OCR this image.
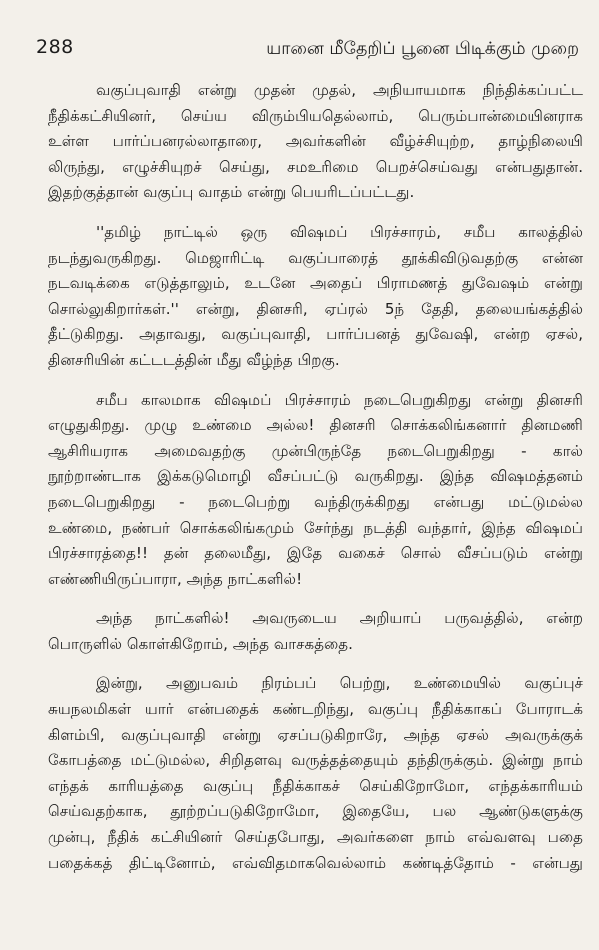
288	யானை மீதேறிப் பூனை பிடிக்கும் முறை
வகுப்புவாதி என்று முதன் முதல், அநியாயமாக நிந்திக்கப்பட்ட
நீதிக்கட்சியினர், செய்ய விரும்பியதெல்லாம், பெரும்பான்மையினராக
உள்ள பார்ப்பனரல்லாதாரை, அவர்களின் வீழ்ச்சியுற்ற, தாழ்நிலையி
லிருந்து, எழுச்சியுறச் செய்து, சமஉரிமை பெறச்செய்வது என்பதுதான்.
இதற்குத்தான் வகுப்பு வாதம் என்று பெயரிடப்பட்டது.
''தமிழ் நாட்டில் ஒரு விஷமப் பிரச்சாரம், சமீப காலத்தில்
நடந்துவருகிறது. மெஜாரிட்டி வகுப்பாரைத் தூக்கிவிடுவதற்கு என்ன
நடவடிக்கை எடுத்தாலும், உடனே அதைப் பிராமணத் துவேஷம் என்று
சொல்லுகிறார்கள்.'' என்று, தினசரி, ஏப்ரல் 5ந் தேதி, தலையங்கத்தில்
தீட்டுகிறது. அதாவது, வகுப்புவாதி, பார்ப்பனத் துவேஷி, என்ற ஏசல்,
தினசரியின் கட்டடத்தின் மீது வீழ்ந்த பிறகு.
சமீப காலமாக விஷமப் பிரச்சாரம் நடைபெறுகிறது என்று தினசரி
எழுதுகிறது. முழு உண்மை அல்ல! தினசரி சொக்கலிங்கனார் தினமணி
ஆசிரியராக அமைவதற்கு முன்பிருந்தே நடைபெறுகிறது - கால்
நூற்றாண்டாக இக்கடுமொழி வீசப்பட்டு வருகிறது. இந்த விஷமத்தனம்
நடைபெறுகிறது - நடைபெற்று வந்திருக்கிறது என்பது மட்டுமல்ல
உண்மை, நண்பர் சொக்கலிங்கமும் சேர்ந்து நடத்தி வந்தார், இந்த விஷமப்
பிரச்சாரத்தை!! தன் தலைமீது, இதே வகைச் சொல் வீசப்படும் என்று
எண்ணியிருப்பாரா, அந்த நாட்களில்!
அந்த நாட்களில்! அவருடைய அறியாப் பருவத்தில், என்ற
பொருளில் கொள்கிறோம், அந்த வாசகத்தை.
இன்று, அனுபவம் நிரம்பப் பெற்று, உண்மையில் வகுப்புச்
சுயநலமிகள் யார் என்பதைக் கண்டறிந்து, வகுப்பு நீதிக்காகப் போராடக்
கிளம்பி, வகுப்புவாதி என்று ஏசப்படுகிறாரே, அந்த ஏசல் அவருக்குக்
கோபத்தை மட்டுமல்ல, சிறிதளவு வருத்தத்தையும் தந்திருக்கும். இன்று நாம்
எந்தக் காரியத்தை வகுப்பு நீதிக்காகச் செய்கிறோமோ, எந்தக்காரியம்
செய்வதற்காக, தூற்றப்படுகிறோமோ, இதையே, பல ஆண்டுகளுக்கு
முன்பு, நீதிக் கட்சியினர் செய்தபோது, அவர்களை நாம் எவ்வளவு பதை
பதைக்கத் திட்டினோம், எவ்விதமாகவெல்லாம் கண்டித்தோம் - என்பது
